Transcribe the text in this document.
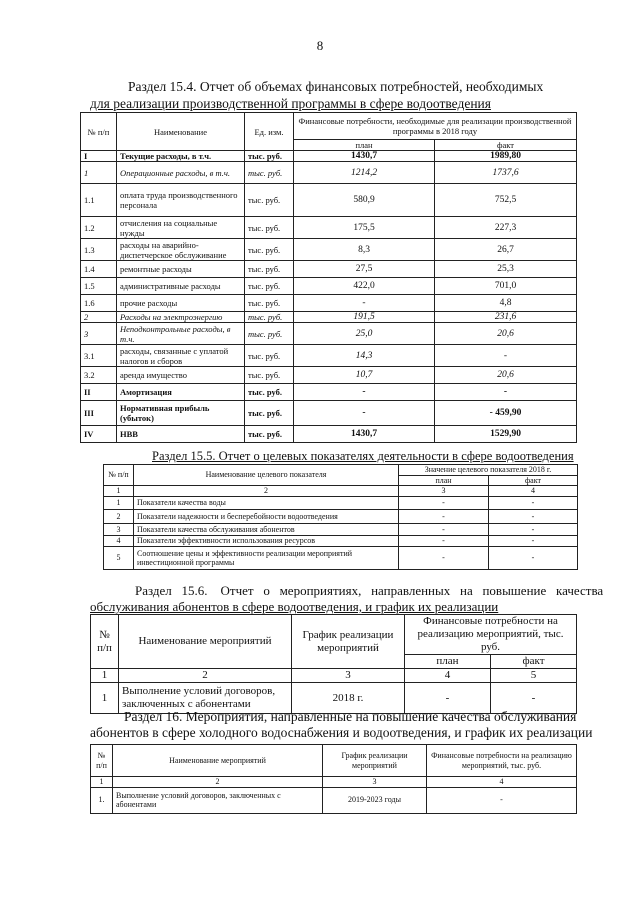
8
Раздел 15.4. Отчет об объемах финансовых потребностей, необходимых
для реализации производственной программы в сфере водоотведения
№ п/п	Наименование	Ед. изм.	Финансовые потребности, необходимые для реализации производственной программы в 2018 году	
			план	факт
I	Текущие расходы, в т.ч.	тыс. руб.	1430,7	1989,80
1	Операционные расходы, в т.ч.	тыс. руб.	1214,2	1737,6
1.1	оплата труда производственного персонала	тыс. руб.	580,9	752,5
1.2	отчисления на социальные нужды	тыс. руб.	175,5	227,3
1.3	расходы на аварийно-диспетчерское обслуживание	тыс. руб.	8,3	26,7
1.4	ремонтные расходы	тыс. руб.	27,5	25,3
1.5	административные расходы	тыс. руб.	422,0	701,0
1.6	прочие расходы	тыс. руб.	-	4,8
2	Расходы на электроэнергию	тыс. руб.	191,5	231,6
3	Неподконтрольные расходы, в т.ч.	тыс. руб.	25,0	20,6
3.1	расходы, связанные с уплатой налогов и сборов	тыс. руб.	14,3	-
3.2	аренда имущество	тыс. руб.	10,7	20,6
II	Амортизация	тыс. руб.	-	-
III	Нормативная прибыль (убыток)	тыс. руб.	-	- 459,90
IV	НВВ	тыс. руб.	1430,7	1529,90
Раздел 15.5. Отчет о целевых показателях деятельности в сфере водоотведения
№ п/п	Наименование целевого показателя	Значение целевого показателя 2018 г.	
		план	факт
1	2	3	4
1	Показатели качества воды	-	-
2	Показатели надежности и бесперебойности водоотведения	-	-
3	Показатели качества обслуживания абонентов	-	-
4	Показатели эффективности использования ресурсов	-	-
5	Соотношение цены и эффективности реализации мероприятий инвестиционной программы	-	-
Раздел   15.6.    Отчет   о   мероприятиях,   направленных   на   повышение   качества
обслуживания абонентов в сфере водоотведения, и график их реализации
№ п/п	Наименование мероприятий	График реализации мероприятий	Финансовые потребности на реализацию мероприятий, тыс. руб.	
			план	факт
1	2	3	4	5
1	Выполнение условий договоров, заключенных с абонентами	2018 г.	-	-
Раздел 16. Мероприятия, направленные на повышение качества обслуживания
абонентов в сфере холодного водоснабжения и водоотведения, и график их реализации
№ п/п	Наименование мероприятий	График реализации мероприятий	Финансовые потребности на реализацию мероприятий, тыс. руб.
1	2	3	4
1.	Выполнение условий договоров, заключенных с абонентами	2019-2023 годы	-
